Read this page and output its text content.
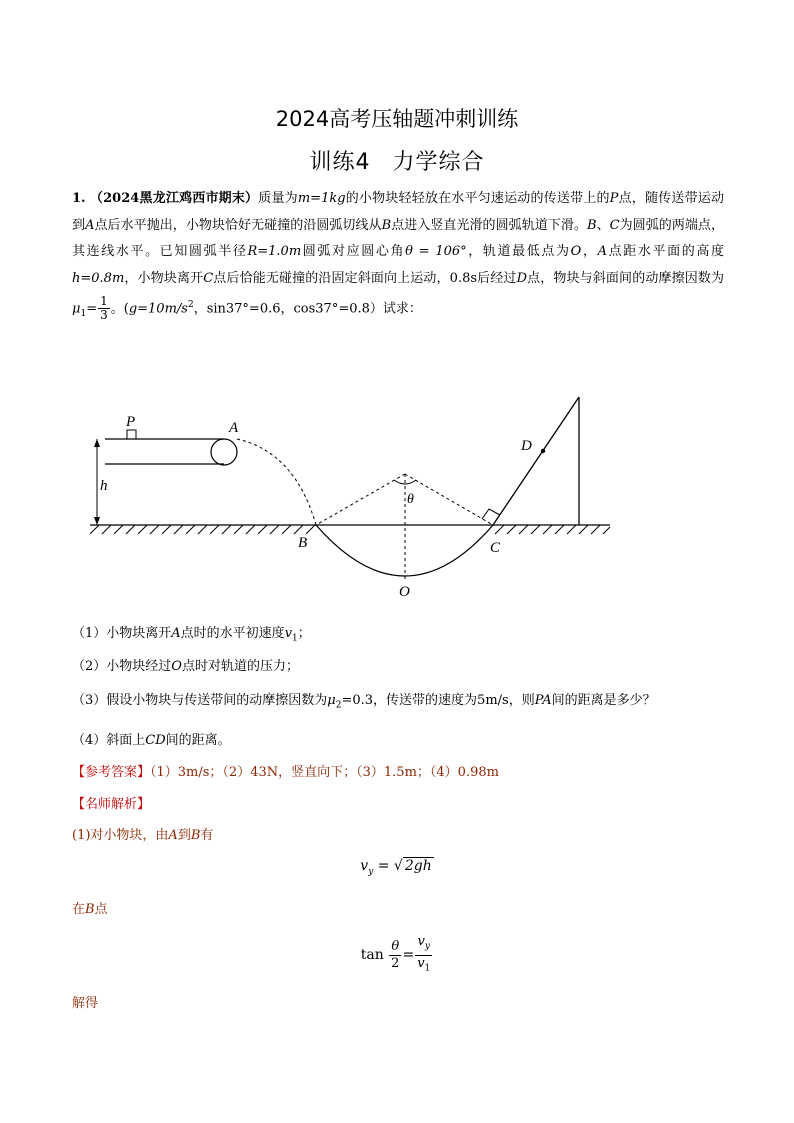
2024高考压轴题冲刺训练
训练4 力学综合
1. （2024黑龙江鸡西市期末）质量为m=1kg的小物块轻轻放在水平匀速运动的传送带上的P点，随传送带运动到A点后水平抛出，小物块恰好无碰撞的沿圆弧切线从B点进入竖直光滑的圆弧轨道下滑。B、C为圆弧的两端点，其连线水平。已知圆弧半径R=1.0m圆弧对应圆心角θ = 106°，轨道最低点为O，A点距水平面的高度h=0.8m，小物块离开C点后恰能无碰撞的沿固定斜面向上运动，0.8s后经过D点，物块与斜面间的动摩擦因数为$\mu_1= \frac{1}{3}$ 。($g=10m/s^2$，sin37°=0.6，cos37°=0.8）试求：
P	A
h
B	C
O
D
θ
（1）小物块离开A点时的水平初速度$v_1$；
（2）小物块经过O点时对轨道的压力；
（3）假设小物块与传送带间的动摩擦因数为$\mu_2=0.3$，传送带的速度为5m/s，则PA间的距离是多少？
（4）斜面上CD间的距离。
【参考答案】（1）3m/s；（2）43N，竖直向下；（3）1.5m；（4）0.98m
【名师解析】
(1)对小物块，由A到B有
$v_y$ = √ 2gh
在B点
$\tan \frac{\theta}{2} = \frac{v_y}{v_1}$
解得
